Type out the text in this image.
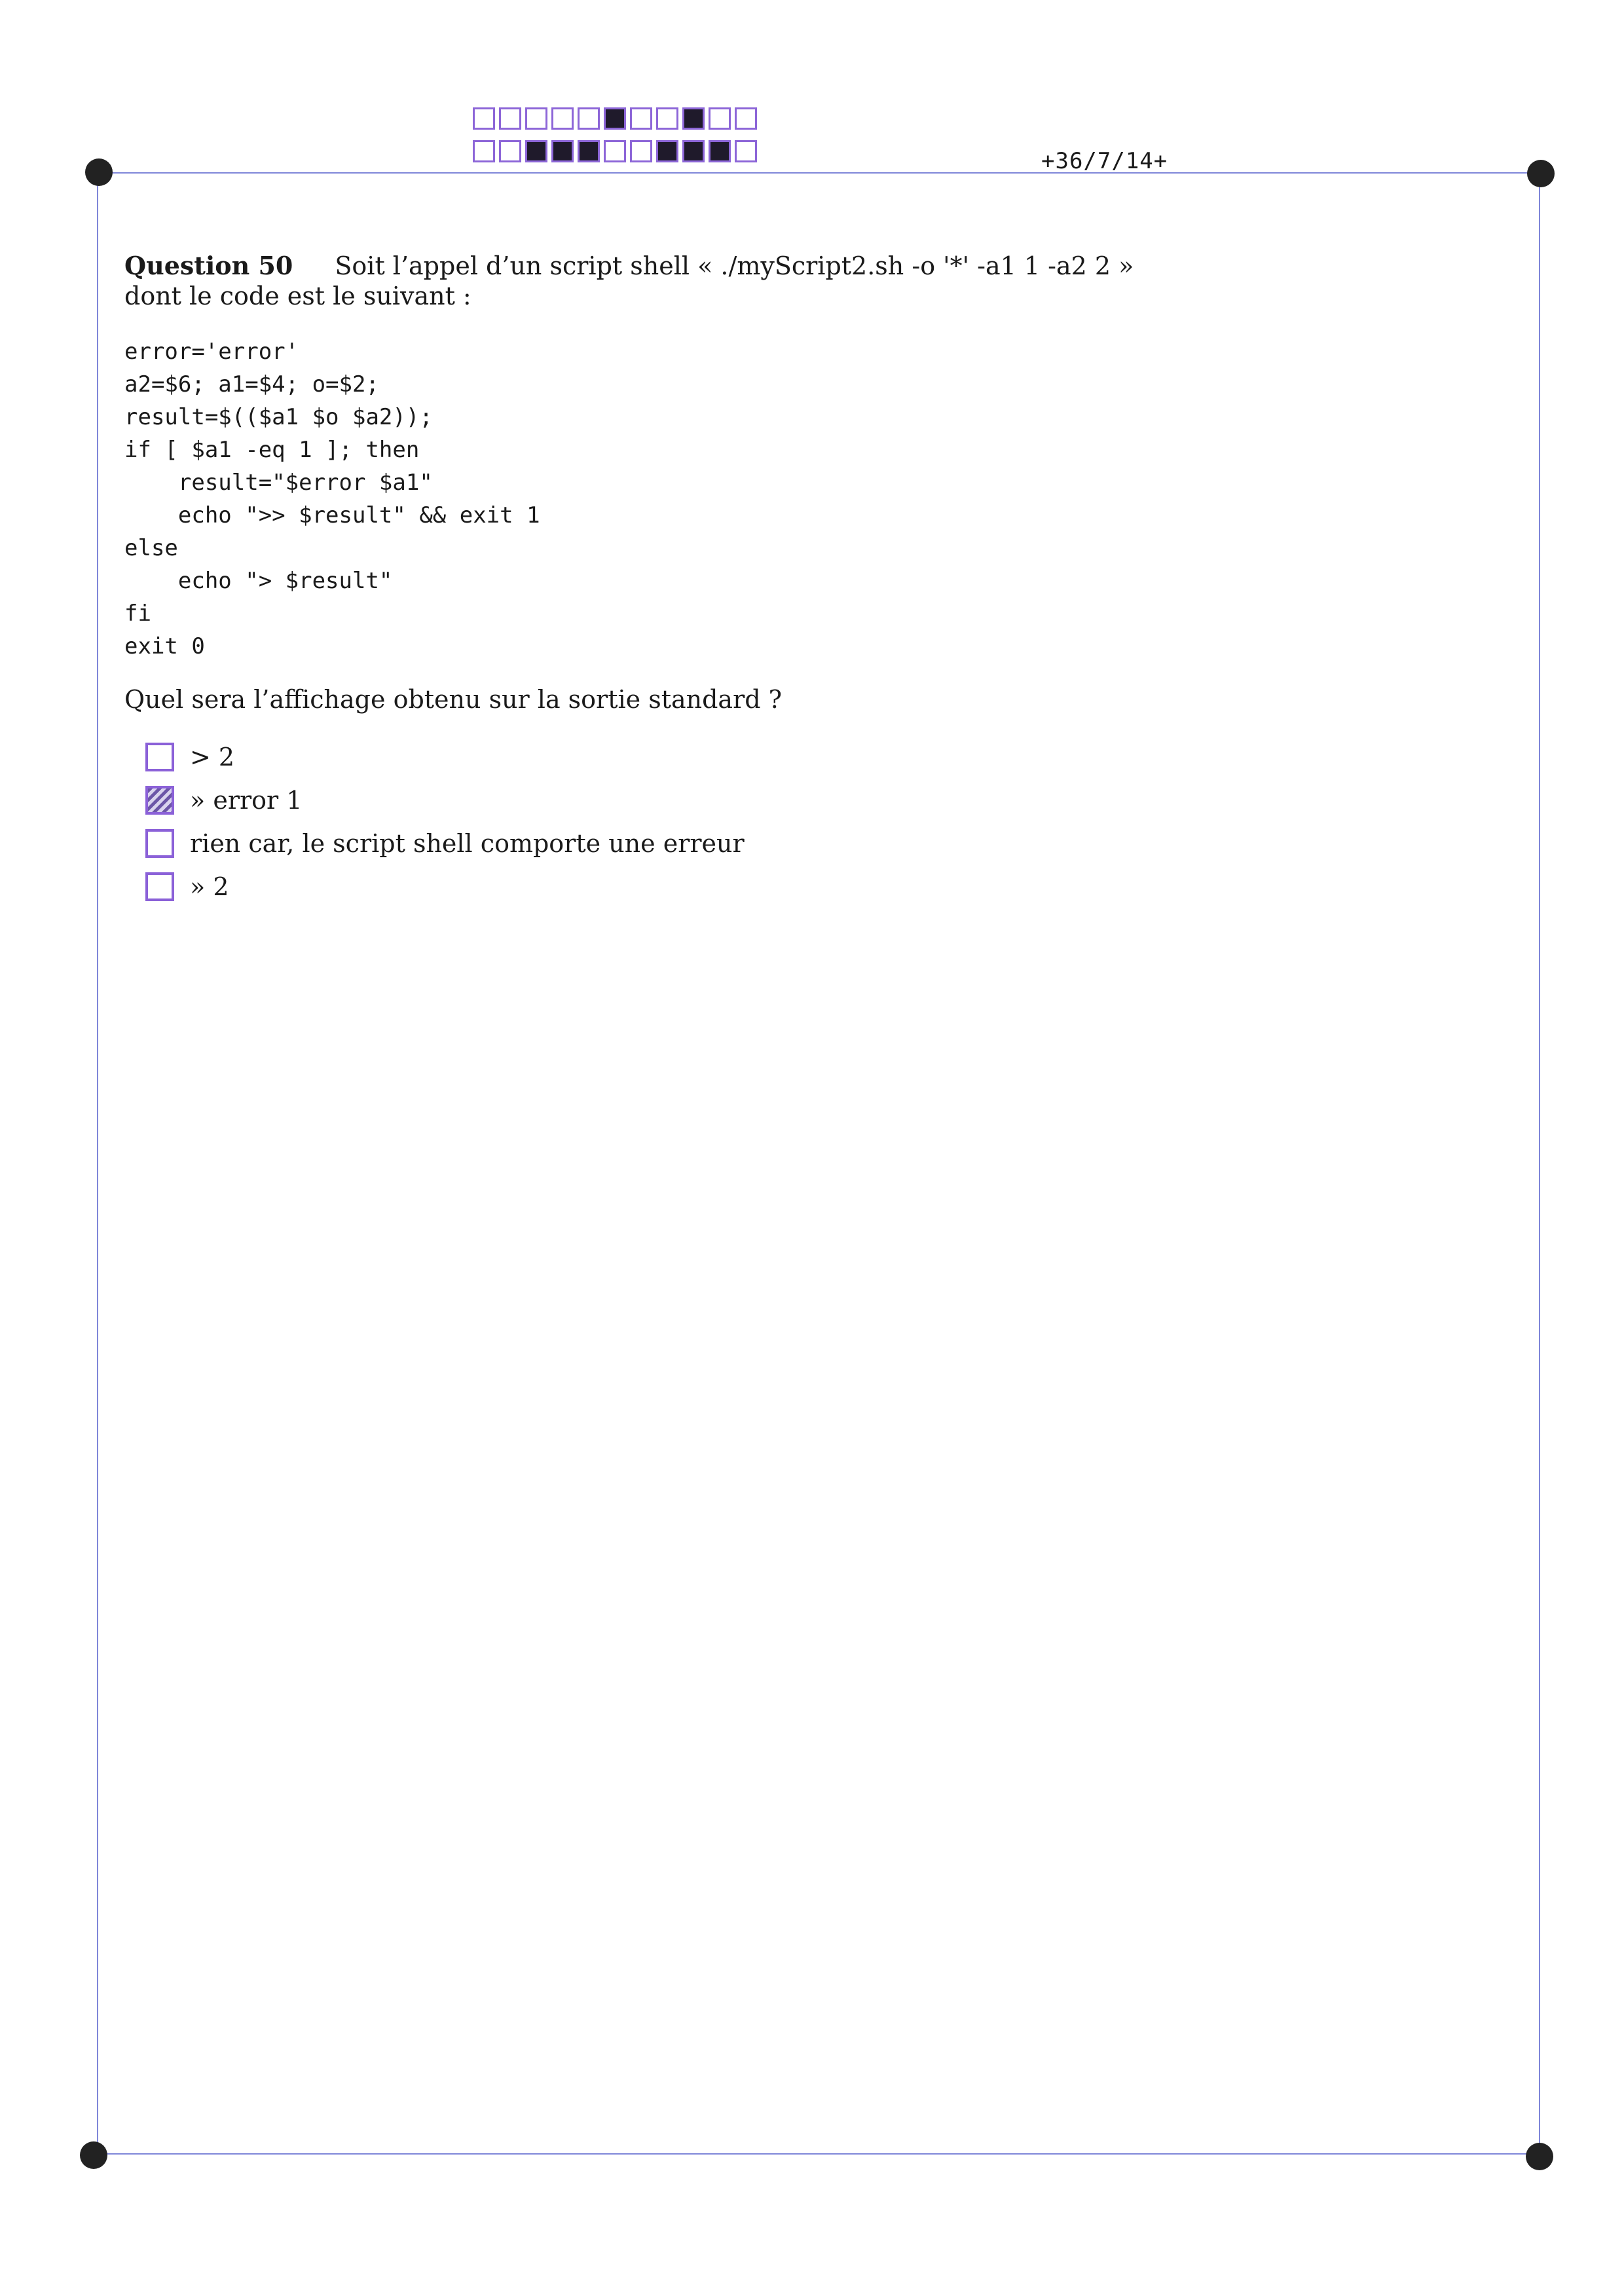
+36/7/14+
Question 50 Soit l’appel d’un script shell « ./myScript2.sh -o '*' -a1 1 -a2 2 »
dont le code est le suivant :
error='error'
a2=$6; a1=$4; o=$2;
result=$(($a1 $o $a2));
if [ $a1 -eq 1 ]; then
result="$error $a1"
echo ">> $result" && exit 1
else
echo "> $result"
fi
exit 0
Quel sera l’affichage obtenu sur la sortie standard ?
> 2
» error 1
rien car, le script shell comporte une erreur
» 2
